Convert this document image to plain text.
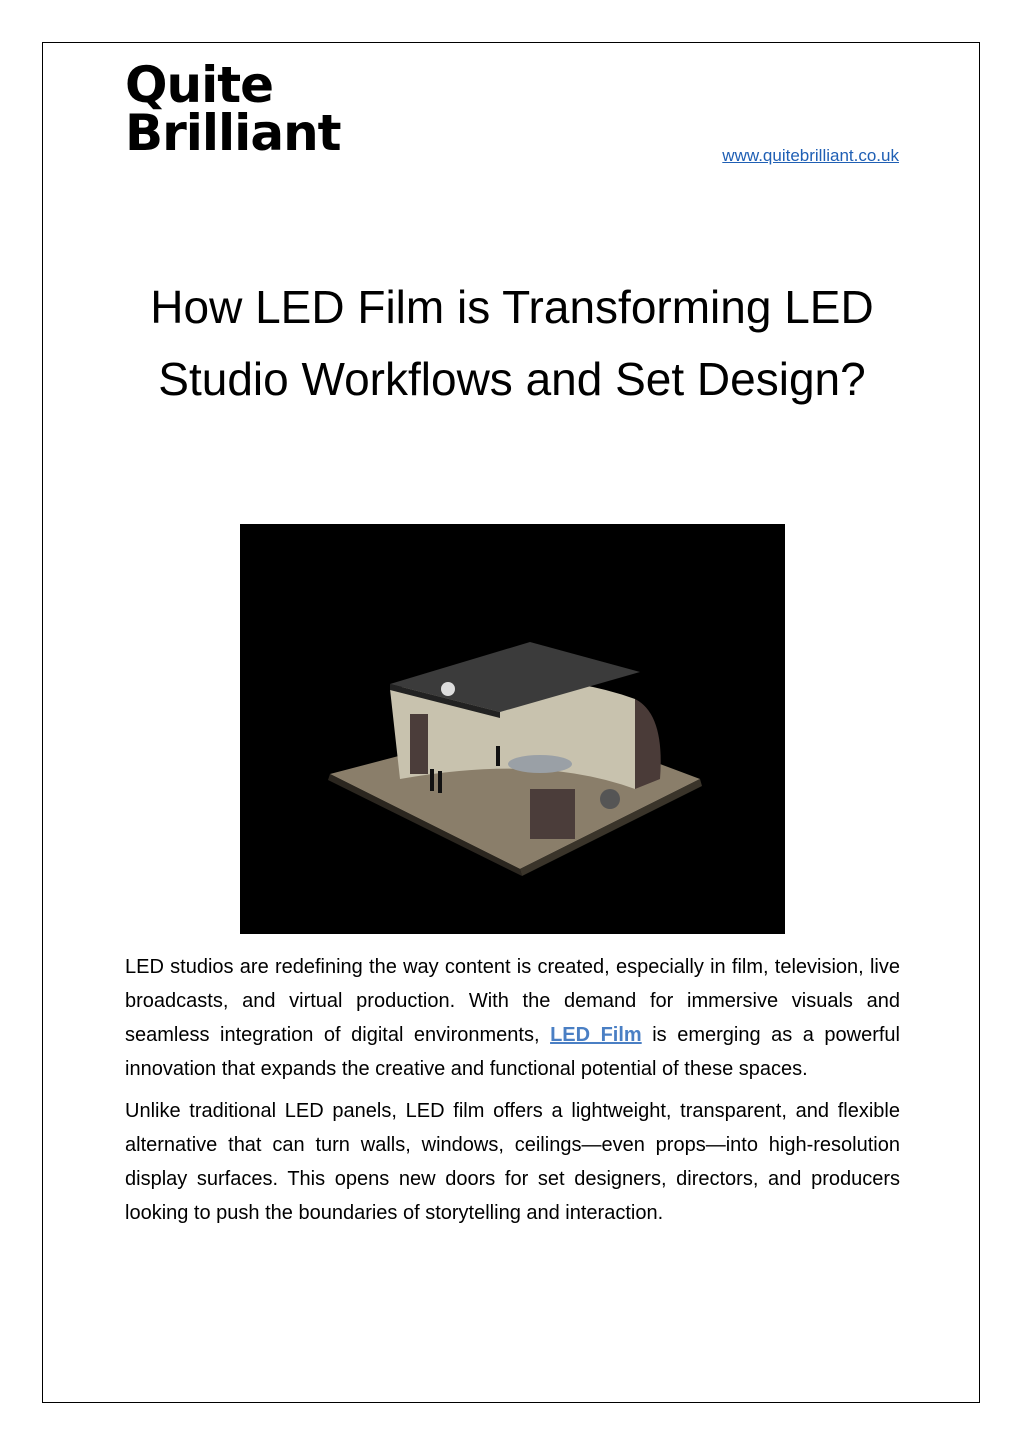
Quite
Brilliant	www.quitebrilliant.co.uk
How LED Film is Transforming LED Studio Workflows and Set Design?

LED studios are redefining the way content is created, especially in film, television, live broadcasts, and virtual production. With the demand for immersive visuals and seamless integration of digital environments, LED Film is emerging as a powerful innovation that expands the creative and functional potential of these spaces.

Unlike traditional LED panels, LED film offers a lightweight, transparent, and flexible alternative that can turn walls, windows, ceilings—even props—into high-resolution display surfaces. This opens new doors for set designers, directors, and producers looking to push the boundaries of storytelling and interaction.
